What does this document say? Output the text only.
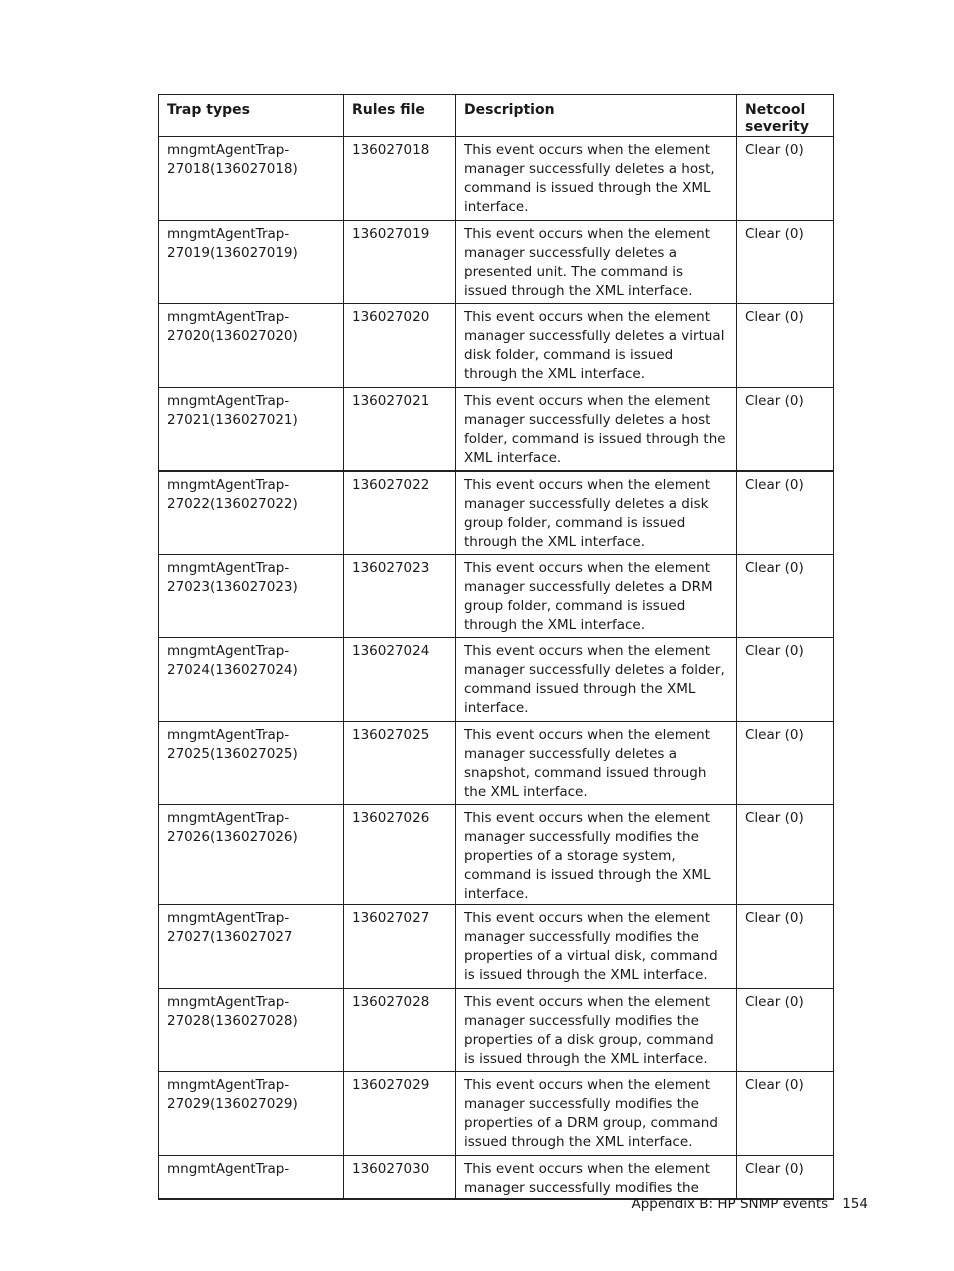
Trap types	Rules file	Description	Netcool severity
mngmtAgentTrap-27018(136027018)	136027018	This event occurs when the element manager successfully deletes a host, command is issued through the XML interface.	Clear (0)
mngmtAgentTrap-27019(136027019)	136027019	This event occurs when the element manager successfully deletes a presented unit. The command is issued through the XML interface.	Clear (0)
mngmtAgentTrap-27020(136027020)	136027020	This event occurs when the element manager successfully deletes a virtual disk folder, command is issued through the XML interface.	Clear (0)
mngmtAgentTrap-27021(136027021)	136027021	This event occurs when the element manager successfully deletes a host folder, command is issued through the XML interface.	Clear (0)
mngmtAgentTrap-27022(136027022)	136027022	This event occurs when the element manager successfully deletes a disk group folder, command is issued through the XML interface.	Clear (0)
mngmtAgentTrap-27023(136027023)	136027023	This event occurs when the element manager successfully deletes a DRM group folder, command is issued through the XML interface.	Clear (0)
mngmtAgentTrap-27024(136027024)	136027024	This event occurs when the element manager successfully deletes a folder, command issued through the XML interface.	Clear (0)
mngmtAgentTrap-27025(136027025)	136027025	This event occurs when the element manager successfully deletes a snapshot, command issued through the XML interface.	Clear (0)
mngmtAgentTrap-27026(136027026)	136027026	This event occurs when the element manager successfully modifies the properties of a storage system, command is issued through the XML interface.	Clear (0)
mngmtAgentTrap-27027(136027027	136027027	This event occurs when the element manager successfully modifies the properties of a virtual disk, command is issued through the XML interface.	Clear (0)
mngmtAgentTrap-27028(136027028)	136027028	This event occurs when the element manager successfully modifies the properties of a disk group, command is issued through the XML interface.	Clear (0)
mngmtAgentTrap-27029(136027029)	136027029	This event occurs when the element manager successfully modifies the properties of a DRM group, command issued through the XML interface.	Clear (0)
mngmtAgentTrap-	136027030	This event occurs when the element manager successfully modifies the	Clear (0)
Appendix B: HP SNMP events 154
